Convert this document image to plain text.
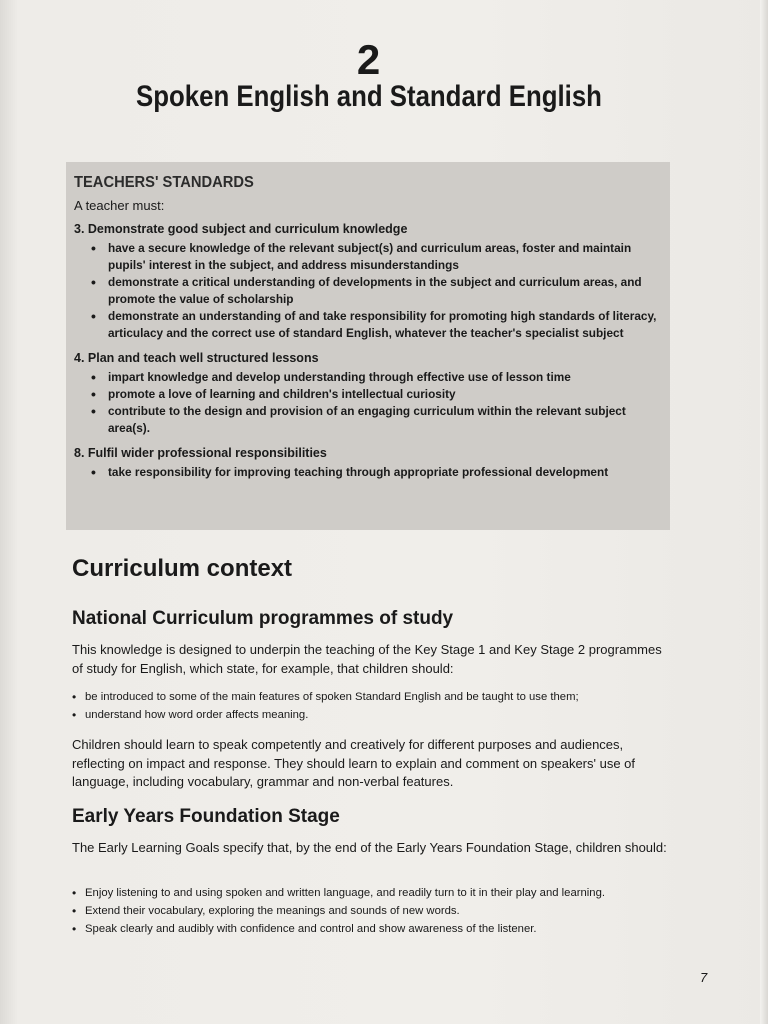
2
Spoken English and Standard English
TEACHERS' STANDARDS
A teacher must:
3. Demonstrate good subject and curriculum knowledge
• have a secure knowledge of the relevant subject(s) and curriculum areas, foster and maintain pupils' interest in the subject, and address misunderstandings
• demonstrate a critical understanding of developments in the subject and curriculum areas, and promote the value of scholarship
• demonstrate an understanding of and take responsibility for promoting high standards of literacy, articulacy and the correct use of standard English, whatever the teacher's specialist subject
4. Plan and teach well structured lessons
• impart knowledge and develop understanding through effective use of lesson time
• promote a love of learning and children's intellectual curiosity
• contribute to the design and provision of an engaging curriculum within the relevant subject area(s).
8. Fulfil wider professional responsibilities
• take responsibility for improving teaching through appropriate professional development
Curriculum context
National Curriculum programmes of study
This knowledge is designed to underpin the teaching of the Key Stage 1 and Key Stage 2 programmes of study for English, which state, for example, that children should:
• be introduced to some of the main features of spoken Standard English and be taught to use them;
• understand how word order affects meaning.
Children should learn to speak competently and creatively for different purposes and audiences, reflecting on impact and response. They should learn to explain and comment on speakers' use of language, including vocabulary, grammar and non-verbal features.
Early Years Foundation Stage
The Early Learning Goals specify that, by the end of the Early Years Foundation Stage, children should:
• Enjoy listening to and using spoken and written language, and readily turn to it in their play and learning.
• Extend their vocabulary, exploring the meanings and sounds of new words.
• Speak clearly and audibly with confidence and control and show awareness of the listener.
7
